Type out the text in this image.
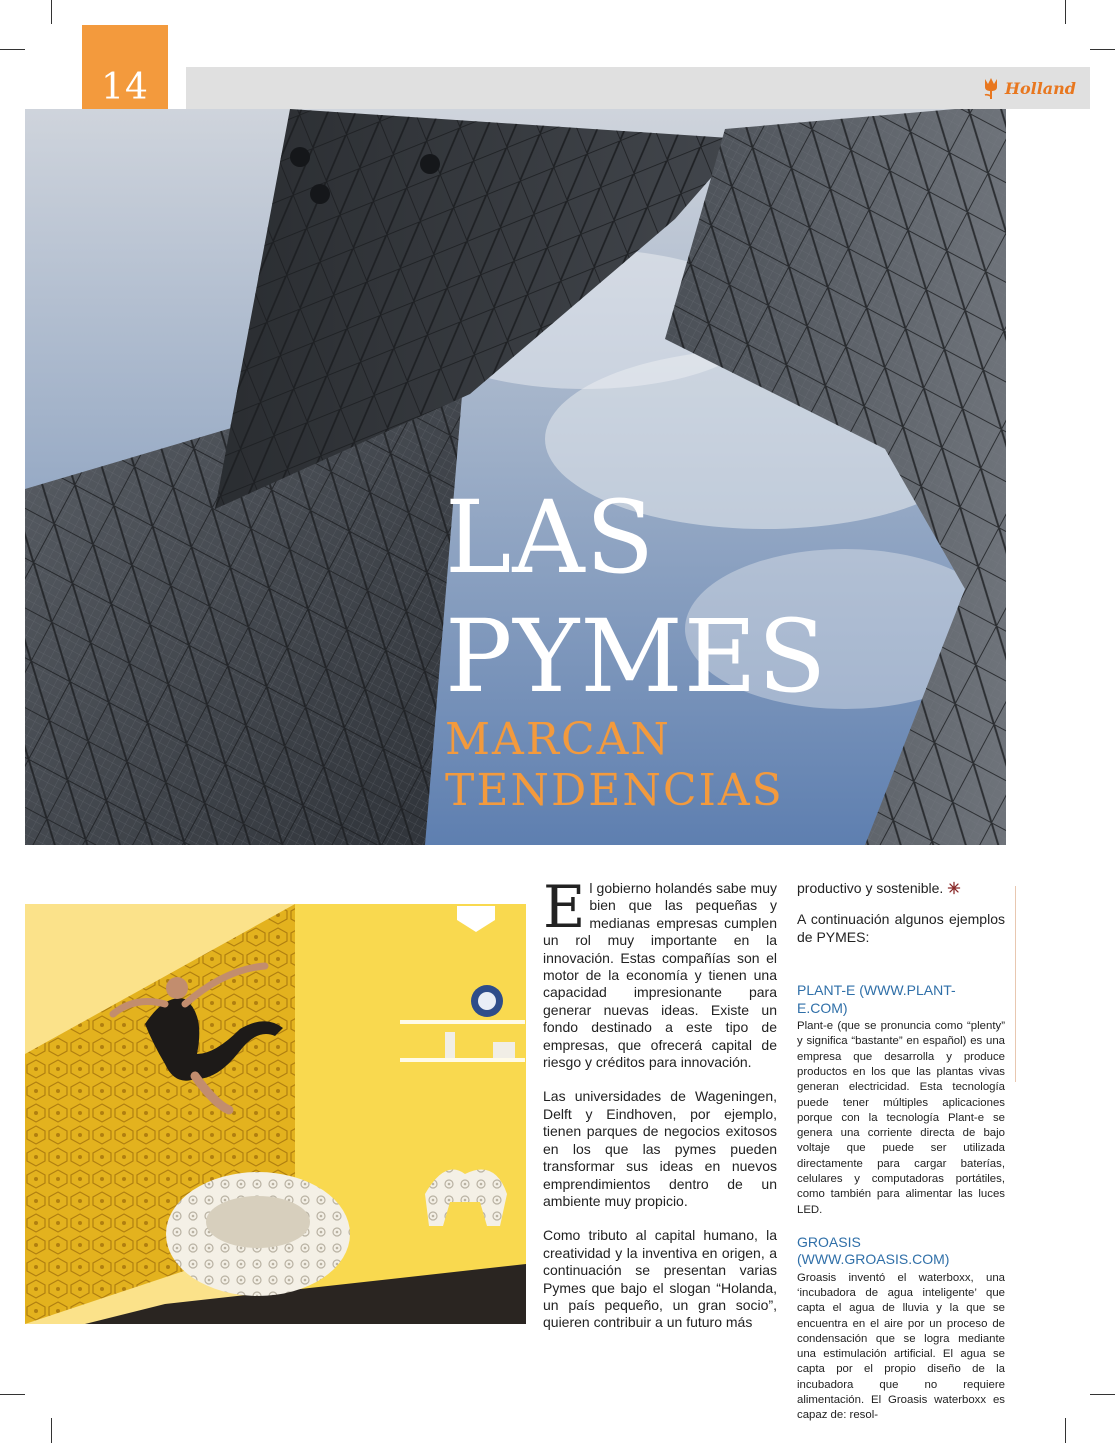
14	Holland
LAS
PYMES
MARCAN
TENDENCIAS

El gobierno holandés sabe muy bien que las pequeñas y medianas empresas cumplen un rol muy importante en la innovación. Estas compañías son el motor de la economía y tienen una capacidad impresionante para generar nuevas ideas. Existe un fondo destinado a este tipo de empresas, que ofrecerá capital de riesgo y créditos para innovación.

Las universidades de Wageningen, Delft y Eindhoven, por ejemplo, tienen parques de negocios exitosos en los que las pymes pueden transformar sus ideas en nuevos emprendimientos dentro de un ambiente muy propicio.

Como tributo al capital humano, la creatividad y la inventiva en origen, a continuación se presentan varias Pymes que bajo el slogan “Holanda, un país pequeño, un gran socio”, quieren contribuir a un futuro más

productivo y sostenible.

A continuación algunos ejemplos de PYMES:

PLANT-E (WWW.PLANT-E.COM)
Plant-e (que se pronuncia como “plenty” y significa “bastante” en español) es una empresa que desarrolla y produce productos en los que las plantas vivas generan electricidad. Esta tecnología puede tener múltiples aplicaciones porque con la tecnología Plant-e se genera una corriente directa de bajo voltaje que puede ser utilizada directamente para cargar baterías, celulares y computadoras portátiles, como también para alimentar las luces LED.
GROASIS (WWW.GROASIS.COM)
Groasis inventó el waterboxx, una ‘incubadora de agua inteligente’ que capta el agua de lluvia y la que se encuentra en el aire por un proceso de condensación que se logra mediante una estimulación artificial. El agua se capta por el propio diseño de la incubadora que no requiere alimentación. El Groasis waterboxx es capaz de: resol-
